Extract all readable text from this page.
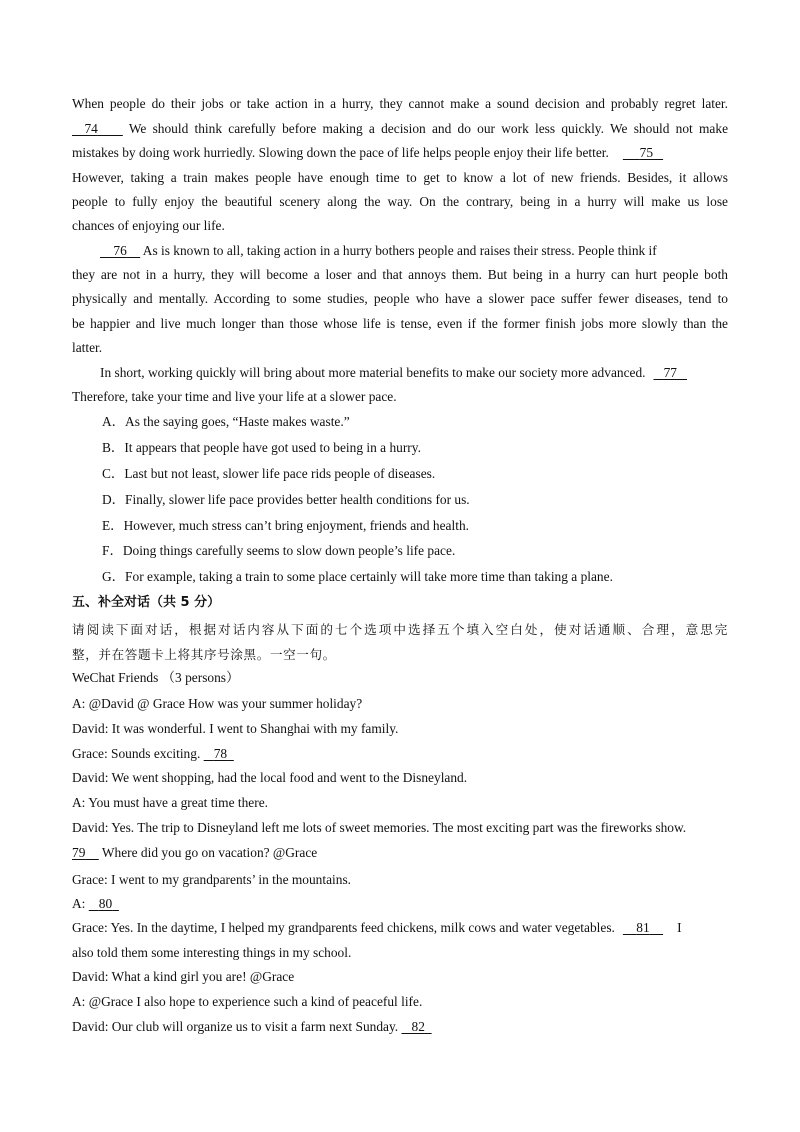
When people do their jobs or take action in a hurry, they cannot make a sound decision and probably regret later.
74     We should think carefully before making a decision and do our work less quickly. We should not make
mistakes by doing work hurriedly. Slowing down the pace of life helps people enjoy their life better. 75
However, taking a train makes people have enough time to get to know a lot of new friends. Besides, it allows
people to fully enjoy the beautiful scenery along the way. On the contrary, being in a hurry will make us lose
chances of enjoying our life.
76     As is known to all, taking action in a hurry bothers people and raises their stress. People think if
they are not in a hurry, they will become a loser and that annoys them. But being in a hurry can hurt people both
physically and mentally. According to some studies, people who have a slower pace suffer fewer diseases, tend to
be happier and live much longer than those whose life is tense, even if the former finish jobs more slowly than the
latter.
In short, working quickly will bring about more material benefits to make our society more advanced. 77
Therefore, take your time and live your life at a slower pace.
A．As the saying goes, “Haste makes waste.”
B．It appears that people have got used to being in a hurry.
C．Last but not least, slower life pace rids people of diseases.
D．Finally, slower life pace provides better health conditions for us.
E．However, much stress can’t bring enjoyment, friends and health.
F．Doing things carefully seems to slow down people’s life pace.
G．For example, taking a train to some place certainly will take more time than taking a plane.
五、补全对话（共 5 分）
请阅读下面对话，根据对话内容从下面的七个选项中选择五个填入空白处，使对话通顺、合理，意思完
整，并在答题卡上将其序号涂黑。一空一句。
WeChat Friends （3 persons）
A: @David @ Grace How was your summer holiday?
David: It was wonderful. I went to Shanghai with my family.
Grace: Sounds exciting.    78
David: We went shopping, had the local food and went to the Disneyland.
A: You must have a great time there.
David: Yes. The trip to Disneyland left me lots of sweet memories. The most exciting part was the fireworks show.
79     Where did you go on vacation? @Grace
Grace: I went to my grandparents’ in the mountains.
A:    80
Grace: Yes. In the daytime, I helped my grandparents feed chickens, milk cows and water vegetables. 81 I
also told them some interesting things in my school.
David: What a kind girl you are! @Grace
A: @Grace I also hope to experience such a kind of peaceful life.
David: Our club will organize us to visit a farm next Sunday.    82
